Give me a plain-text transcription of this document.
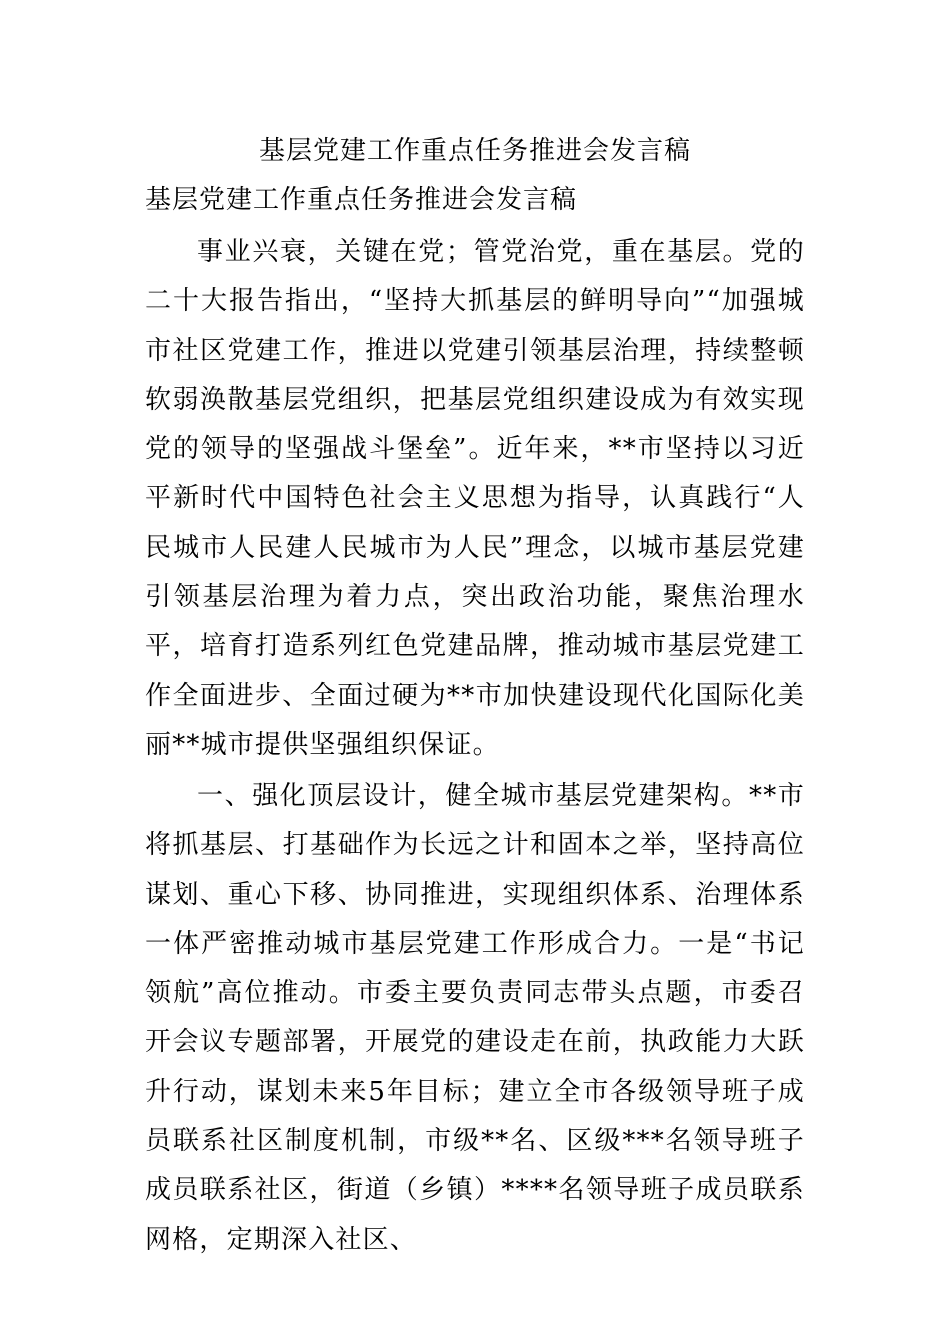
基层党建工作重点任务推进会发言稿
基层党建工作重点任务推进会发言稿

事业兴衰，关键在党；管党治党，重在基层。党的二十大报告指出，“坚持大抓基层的鲜明导向”“加强城市社区党建工作，推进以党建引领基层治理，持续整顿软弱涣散基层党组织，把基层党组织建设成为有效实现党的领导的坚强战斗堡垒”。近年来，**市坚持以习近平新时代中国特色社会主义思想为指导，认真践行“人民城市人民建人民城市为人民”理念，以城市基层党建引领基层治理为着力点，突出政治功能，聚焦治理水平，培育打造系列红色党建品牌，推动城市基层党建工作全面进步、全面过硬为**市加快建设现代化国际化美丽**城市提供坚强组织保证。

一、强化顶层设计，健全城市基层党建架构。**市将抓基层、打基础作为长远之计和固本之举，坚持高位谋划、重心下移、协同推进，实现组织体系、治理体系一体严密推动城市基层党建工作形成合力。一是“书记领航”高位推动。市委主要负责同志带头点题，市委召开会议专题部署，开展党的建设走在前，执政能力大跃升行动，谋划未来5年目标；建立全市各级领导班子成员联系社区制度机制，市级**名、区级***名领导班子成员联系社区，街道（乡镇）****名领导班子成员联系网格，定期深入社区、
